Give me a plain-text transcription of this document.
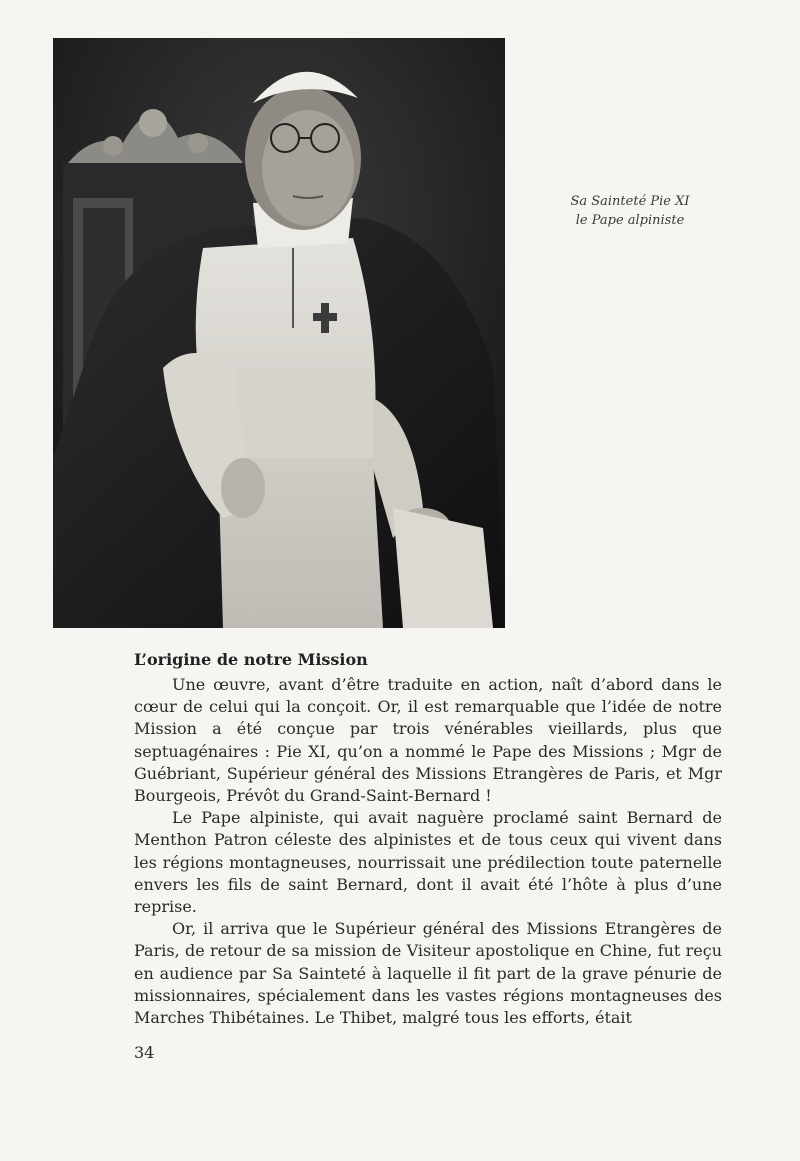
Sa Sainteté Pie XI
le Pape alpiniste
L’origine de notre Mission

Une œuvre, avant d’être traduite en action, naît d’abord dans le cœur de celui qui la conçoit. Or, il est remarquable que l’idée de notre Mission a été conçue par trois vénérables vieillards, plus que septuagénaires : Pie XI, qu’on a nommé le Pape des Missions ; Mgr de Guébriant, Supérieur général des Missions Etrangères de Paris, et Mgr Bourgeois, Prévôt du Grand-Saint-Bernard !

Le Pape alpiniste, qui avait naguère proclamé saint Bernard de Menthon Patron céleste des alpinistes et de tous ceux qui vivent dans les régions montagneuses, nourrissait une prédilection toute paternelle envers les fils de saint Bernard, dont il avait été l’hôte à plus d’une reprise.

Or, il arriva que le Supérieur général des Missions Etrangères de Paris, de retour de sa mission de Visiteur apostolique en Chine, fut reçu en audience par Sa Sainteté à laquelle il fit part de la grave pénurie de missionnaires, spécialement dans les vastes régions montagneuses des Marches Thibétaines. Le Thibet, malgré tous les efforts, était

34
